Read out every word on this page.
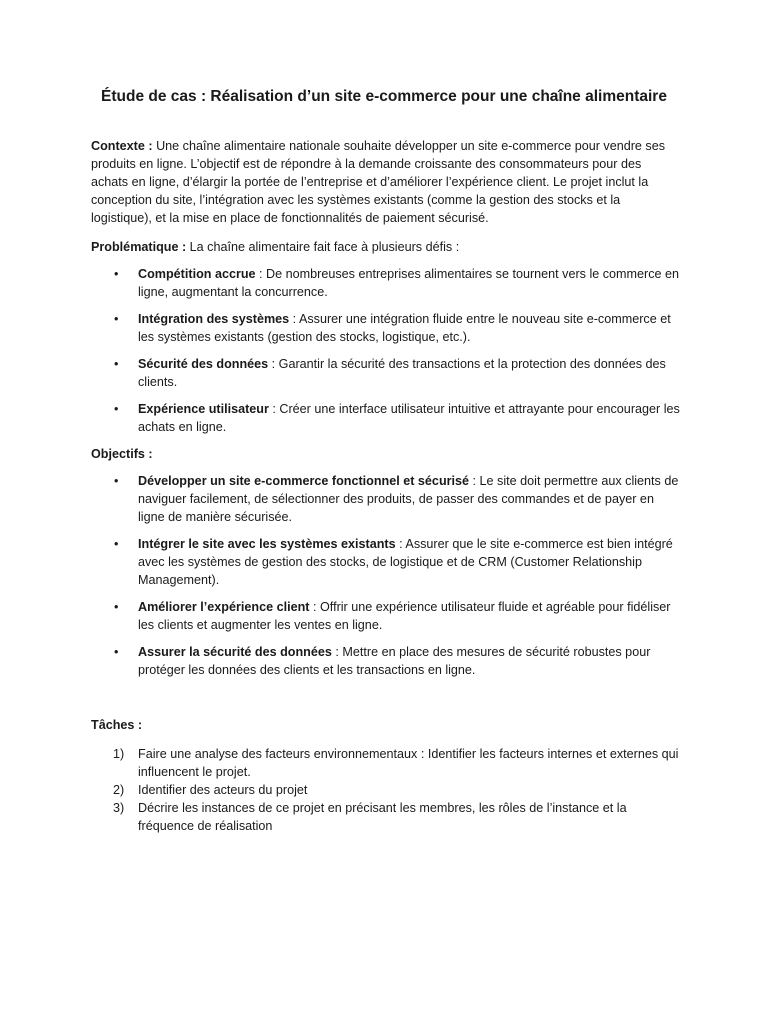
Étude de cas : Réalisation d’un site e-commerce pour une chaîne alimentaire

Contexte : Une chaîne alimentaire nationale souhaite développer un site e-commerce pour vendre ses produits en ligne. L’objectif est de répondre à la demande croissante des consommateurs pour des achats en ligne, d’élargir la portée de l’entreprise et d’améliorer l’expérience client. Le projet inclut la conception du site, l’intégration avec les systèmes existants (comme la gestion des stocks et la logistique), et la mise en place de fonctionnalités de paiement sécurisé.

Problématique : La chaîne alimentaire fait face à plusieurs défis :

• Compétition accrue : De nombreuses entreprises alimentaires se tournent vers le commerce en ligne, augmentant la concurrence.
• Intégration des systèmes : Assurer une intégration fluide entre le nouveau site e-commerce et les systèmes existants (gestion des stocks, logistique, etc.).
• Sécurité des données : Garantir la sécurité des transactions et la protection des données des clients.
• Expérience utilisateur : Créer une interface utilisateur intuitive et attrayante pour encourager les achats en ligne.

Objectifs :

• Développer un site e-commerce fonctionnel et sécurisé : Le site doit permettre aux clients de naviguer facilement, de sélectionner des produits, de passer des commandes et de payer en ligne de manière sécurisée.
• Intégrer le site avec les systèmes existants : Assurer que le site e-commerce est bien intégré avec les systèmes de gestion des stocks, de logistique et de CRM (Customer Relationship Management).
• Améliorer l’expérience client : Offrir une expérience utilisateur fluide et agréable pour fidéliser les clients et augmenter les ventes en ligne.
• Assurer la sécurité des données : Mettre en place des mesures de sécurité robustes pour protéger les données des clients et les transactions en ligne.

Tâches :

1) Faire une analyse des facteurs environnementaux : Identifier les facteurs internes et externes qui influencent le projet.
2) Identifier des acteurs du projet
3) Décrire les instances de ce projet en précisant les membres, les rôles de l’instance et la fréquence de réalisation
